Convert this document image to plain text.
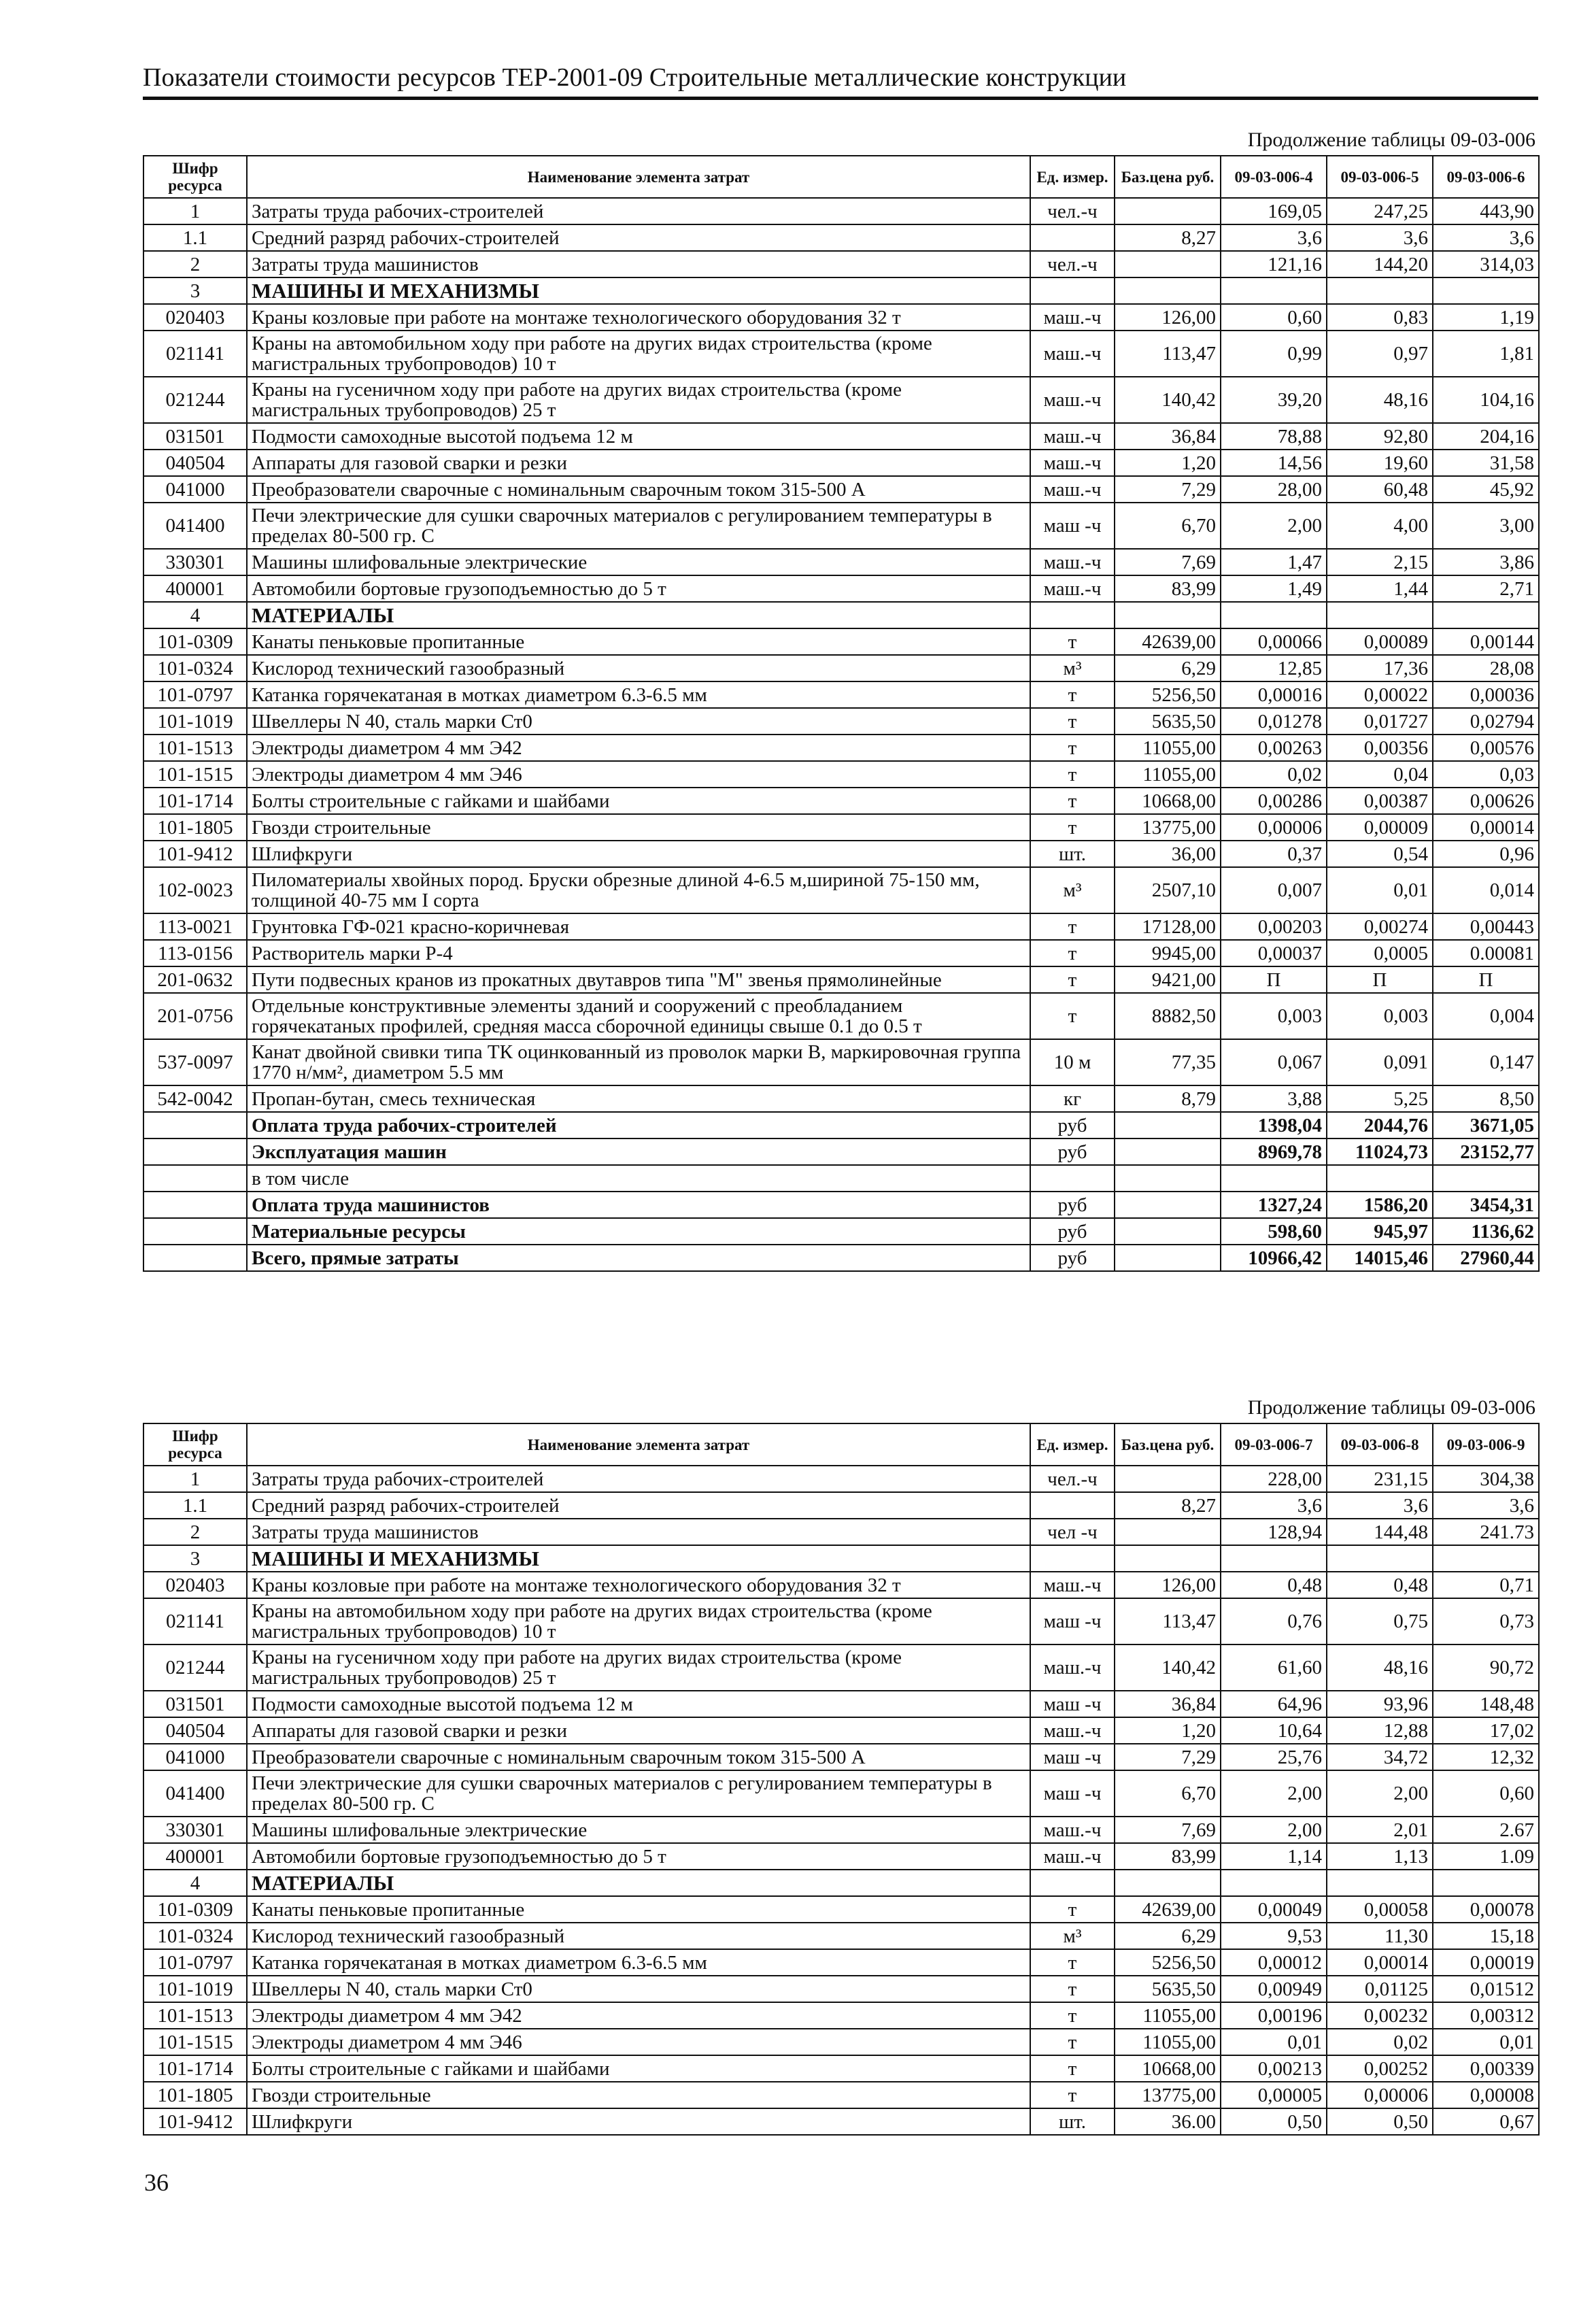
Показатели стоимости ресурсов ТЕР-2001-09 Строительные металлические конструкции
Продолжение таблицы 09-03-006
Шифр ресурса	Наименование элемента затрат	Ед. измер.	Баз.цена руб.	09-03-006-4	09-03-006-5	09-03-006-6
1	Затраты труда рабочих-строителей	чел.-ч		169,05	247,25	443,90
1.1	Средний разряд рабочих-строителей		8,27	3,6	3,6	3,6
2	Затраты труда машинистов	чел.-ч		121,16	144,20	314,03
3	МАШИНЫ И МЕХАНИЗМЫ					
020403	Краны козловые при работе на монтаже технологического оборудования 32 т	маш.-ч	126,00	0,60	0,83	1,19
021141	Краны на автомобильном ходу при работе на других видах строительства (кроме магистральных трубопроводов) 10 т	маш.-ч	113,47	0,99	0,97	1,81
021244	Краны на гусеничном ходу при работе на других видах строительства (кроме магистральных трубопроводов) 25 т	маш.-ч	140,42	39,20	48,16	104,16
031501	Подмости самоходные высотой подъема 12 м	маш.-ч	36,84	78,88	92,80	204,16
040504	Аппараты для газовой сварки и резки	маш.-ч	1,20	14,56	19,60	31,58
041000	Преобразователи сварочные с номинальным сварочным током 315-500 А	маш.-ч	7,29	28,00	60,48	45,92
041400	Печи электрические для сушки сварочных материалов с регулированием температуры в пределах 80-500 гр. С	маш -ч	6,70	2,00	4,00	3,00
330301	Машины шлифовальные электрические	маш.-ч	7,69	1,47	2,15	3,86
400001	Автомобили бортовые грузоподъемностью до 5 т	маш.-ч	83,99	1,49	1,44	2,71
4	МАТЕРИАЛЫ					
101-0309	Канаты пеньковые пропитанные	т	42639,00	0,00066	0,00089	0,00144
101-0324	Кислород технический газообразный	м³	6,29	12,85	17,36	28,08
101-0797	Катанка горячекатаная в мотках диаметром 6.3-6.5 мм	т	5256,50	0,00016	0,00022	0,00036
101-1019	Швеллеры N 40, сталь марки Ст0	т	5635,50	0,01278	0,01727	0,02794
101-1513	Электроды диаметром 4 мм Э42	т	11055,00	0,00263	0,00356	0,00576
101-1515	Электроды диаметром 4 мм Э46	т	11055,00	0,02	0,04	0,03
101-1714	Болты строительные с гайками и шайбами	т	10668,00	0,00286	0,00387	0,00626
101-1805	Гвозди строительные	т	13775,00	0,00006	0,00009	0,00014
101-9412	Шлифкруги	шт.	36,00	0,37	0,54	0,96
102-0023	Пиломатериалы хвойных пород. Бруски обрезные длиной 4-6.5 м,шириной 75-150 мм, толщиной 40-75 мм I сорта	м³	2507,10	0,007	0,01	0,014
113-0021	Грунтовка ГФ-021 красно-коричневая	т	17128,00	0,00203	0,00274	0,00443
113-0156	Растворитель марки Р-4	т	9945,00	0,00037	0,0005	0.00081
201-0632	Пути подвесных кранов из прокатных двутавров типа "М" звенья прямолинейные	т	9421,00	П	П	П
201-0756	Отдельные конструктивные элементы зданий и сооружений с преобладанием горячекатаных профилей, средняя масса сборочной единицы свыше 0.1 до 0.5 т	т	8882,50	0,003	0,003	0,004
537-0097	Канат двойной свивки типа ТК оцинкованный из проволок марки В, маркировочная группа 1770 н/мм², диаметром 5.5 мм	10 м	77,35	0,067	0,091	0,147
542-0042	Пропан-бутан, смесь техническая	кг	8,79	3,88	5,25	8,50
	Оплата труда рабочих-строителей	руб		1398,04	2044,76	3671,05
	Эксплуатация машин	руб		8969,78	11024,73	23152,77
	в том числе					
	Оплата труда машинистов	руб		1327,24	1586,20	3454,31
	Материальные ресурсы	руб		598,60	945,97	1136,62
	Всего, прямые затраты	руб		10966,42	14015,46	27960,44
Продолжение таблицы 09-03-006
Шифр ресурса	Наименование элемента затрат	Ед. измер.	Баз.цена руб.	09-03-006-7	09-03-006-8	09-03-006-9
1	Затраты труда рабочих-строителей	чел.-ч		228,00	231,15	304,38
1.1	Средний разряд рабочих-строителей		8,27	3,6	3,6	3,6
2	Затраты труда машинистов	чел -ч		128,94	144,48	241.73
3	МАШИНЫ И МЕХАНИЗМЫ					
020403	Краны козловые при работе на монтаже технологического оборудования 32 т	маш.-ч	126,00	0,48	0,48	0,71
021141	Краны на автомобильном ходу при работе на других видах строительства (кроме магистральных трубопроводов) 10 т	маш -ч	113,47	0,76	0,75	0,73
021244	Краны на гусеничном ходу при работе на других видах строительства (кроме магистральных трубопроводов) 25 т	маш.-ч	140,42	61,60	48,16	90,72
031501	Подмости самоходные высотой подъема 12 м	маш -ч	36,84	64,96	93,96	148,48
040504	Аппараты для газовой сварки и резки	маш.-ч	1,20	10,64	12,88	17,02
041000	Преобразователи сварочные с номинальным сварочным током 315-500 А	маш -ч	7,29	25,76	34,72	12,32
041400	Печи электрические для сушки сварочных материалов с регулированием температуры в пределах 80-500 гр. С	маш -ч	6,70	2,00	2,00	0,60
330301	Машины шлифовальные электрические	маш.-ч	7,69	2,00	2,01	2.67
400001	Автомобили бортовые грузоподъемностью до 5 т	маш.-ч	83,99	1,14	1,13	1.09
4	МАТЕРИАЛЫ					
101-0309	Канаты пеньковые пропитанные	т	42639,00	0,00049	0,00058	0,00078
101-0324	Кислород технический газообразный	м³	6,29	9,53	11,30	15,18
101-0797	Катанка горячекатаная в мотках диаметром 6.3-6.5 мм	т	5256,50	0,00012	0,00014	0,00019
101-1019	Швеллеры N 40, сталь марки Ст0	т	5635,50	0,00949	0,01125	0,01512
101-1513	Электроды диаметром 4 мм Э42	т	11055,00	0,00196	0,00232	0,00312
101-1515	Электроды диаметром 4 мм Э46	т	11055,00	0,01	0,02	0,01
101-1714	Болты строительные с гайками и шайбами	т	10668,00	0,00213	0,00252	0,00339
101-1805	Гвозди строительные	т	13775,00	0,00005	0,00006	0,00008
101-9412	Шлифкруги	шт.	36.00	0,50	0,50	0,67
36
